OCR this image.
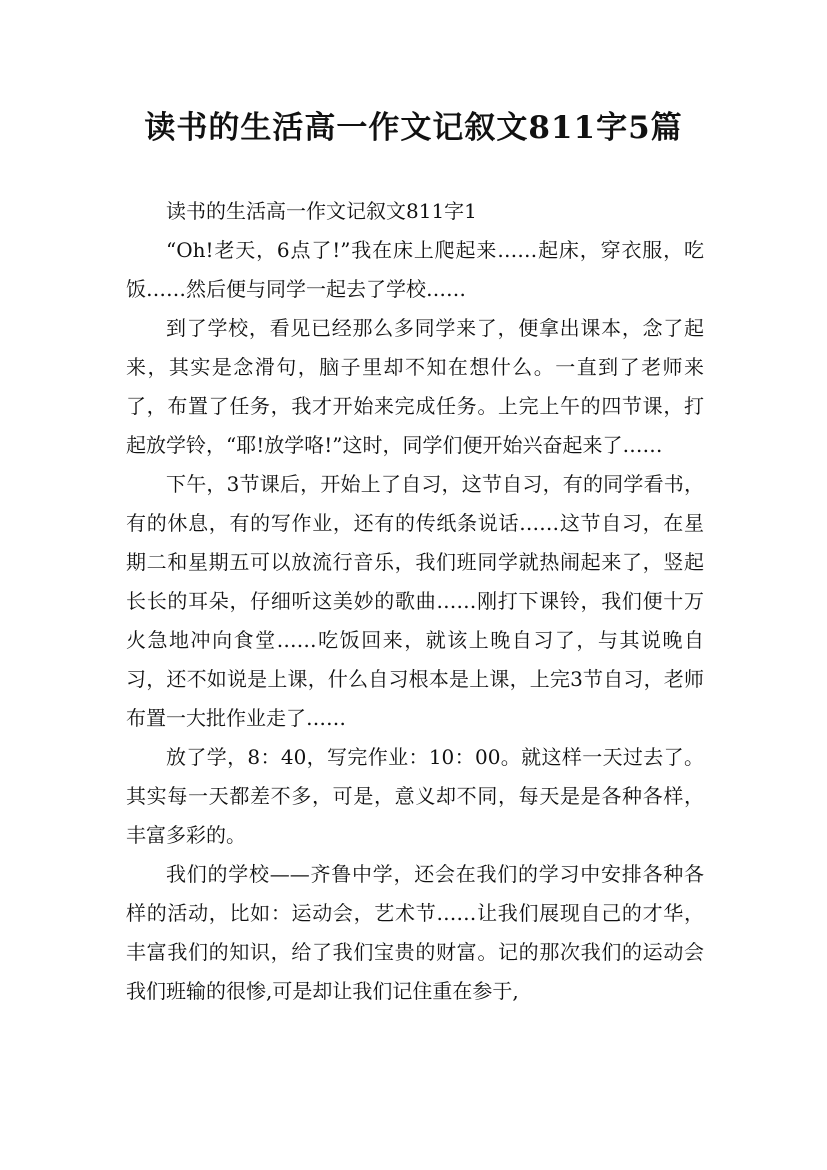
读书的生活高一作文记叙文811字5篇

读书的生活高一作文记叙文811字1

“Oh!老天，6点了!”我在床上爬起来……起床，穿衣服，吃饭……然后便与同学一起去了学校……

到了学校，看见已经那么多同学来了，便拿出课本，念了起来，其实是念滑句，脑子里却不知在想什么。一直到了老师来了，布置了任务，我才开始来完成任务。上完上午的四节课，打起放学铃，“耶!放学咯!”这时，同学们便开始兴奋起来了……

下午，3节课后，开始上了自习，这节自习，有的同学看书，有的休息，有的写作业，还有的传纸条说话……这节自习，在星期二和星期五可以放流行音乐，我们班同学就热闹起来了，竖起长长的耳朵，仔细听这美妙的歌曲……刚打下课铃，我们便十万火急地冲向食堂……吃饭回来，就该上晚自习了，与其说晚自习，还不如说是上课，什么自习根本是上课，上完3节自习，老师布置一大批作业走了……

放了学，8：40，写完作业：10：00。就这样一天过去了。其实每一天都差不多，可是，意义却不同，每天是是各种各样，丰富多彩的。

我们的学校——齐鲁中学，还会在我们的学习中安排各种各样的活动，比如：运动会，艺术节……让我们展现自己的才华，丰富我们的知识，给了我们宝贵的财富。记的那次我们的运动会我们班输的很惨,可是却让我们记住重在参于,
